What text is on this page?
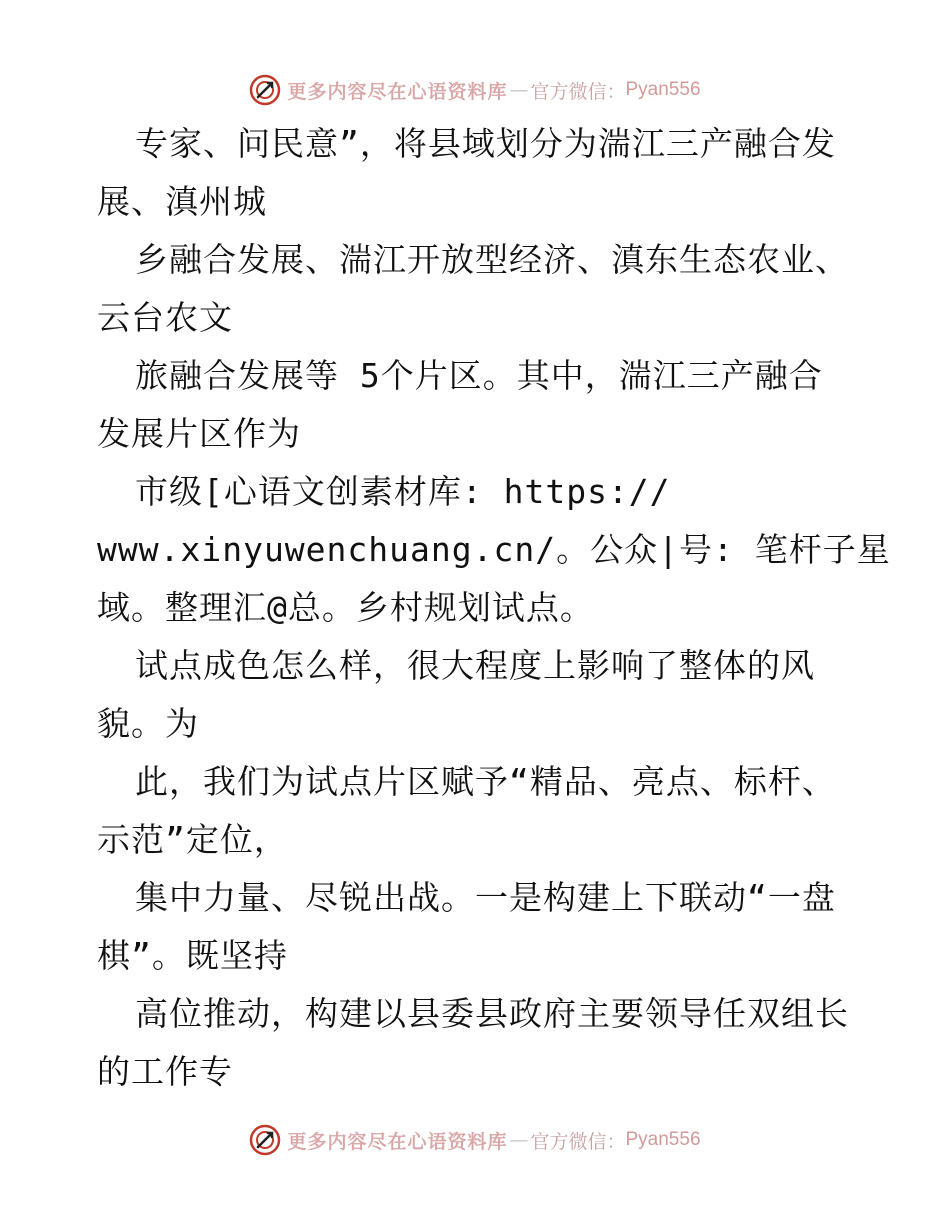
更多内容尽在心语资料库 — 官方微信： Pyan556
专家、问民意”，将县域划分为湍江三产融合发
展、滇州城
乡融合发展、湍江开放型经济、滇东生态农业、
云台农文
旅融合发展等 5个片区。其中，湍江三产融合
发展片区作为
市级[心语文创素材库: https://
www.xinyuwenchuang.cn/。公众|号: 笔杆子星
域。整理汇@总。乡村规划试点。
试点成色怎么样，很大程度上影响了整体的风
貌。为
此，我们为试点片区赋予“精品、亮点、标杆、
示范”定位，
集中力量、尽锐出战。一是构建上下联动“一盘
棋”。既坚持
高位推动，构建以县委县政府主要领导任双组长
的工作专
更多内容尽在心语资料库 — 官方微信： Pyan556
